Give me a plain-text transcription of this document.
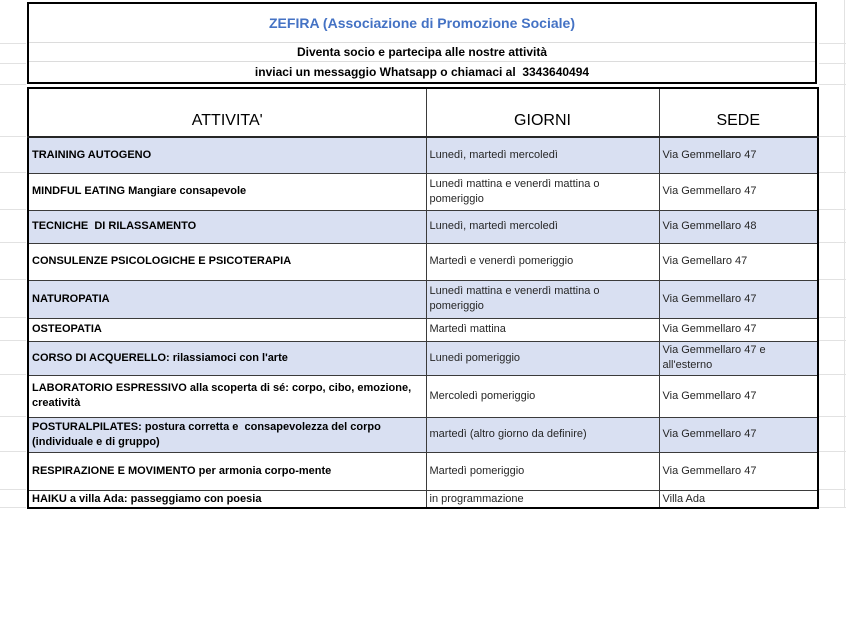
ZEFIRA (Associazione di Promozione Sociale)
Diventa socio e partecipa alle nostre attività
inviaci un messaggio Whatsapp o chiamaci al  3343640494
ATTIVITA'	GIORNI	SEDE
TRAINING AUTOGENO	Lunedì, martedì mercoledì	Via Gemmellaro 47
MINDFUL EATING Mangiare consapevole	Lunedì mattina e venerdì mattina o pomeriggio	Via Gemmellaro 47
TECNICHE  DI RILASSAMENTO	Lunedì, martedì mercoledì	Via Gemmellaro 48
CONSULENZE PSICOLOGICHE E PSICOTERAPIA	Martedì e venerdì pomeriggio	Via Gemellaro 47
NATUROPATIA	Lunedì mattina e venerdì mattina o pomeriggio	Via Gemmellaro 47
OSTEOPATIA	Martedì mattina	Via Gemmellaro 47
CORSO DI ACQUERELLO: rilassiamoci con l'arte	Lunedi pomeriggio	Via Gemmellaro 47 e all'esterno
LABORATORIO ESPRESSIVO alla scoperta di sé: corpo, cibo, emozione, creatività	Mercoledì pomeriggio	Via Gemmellaro 47
POSTURALPILATES: postura corretta e  consapevolezza del corpo (individuale e di gruppo)	martedì (altro giorno da definire)	Via Gemmellaro 47
RESPIRAZIONE E MOVIMENTO per armonia corpo-mente	Martedì pomeriggio	Via Gemmellaro 47
HAIKU a villa Ada: passeggiamo con poesia	in programmazione	Villa Ada
